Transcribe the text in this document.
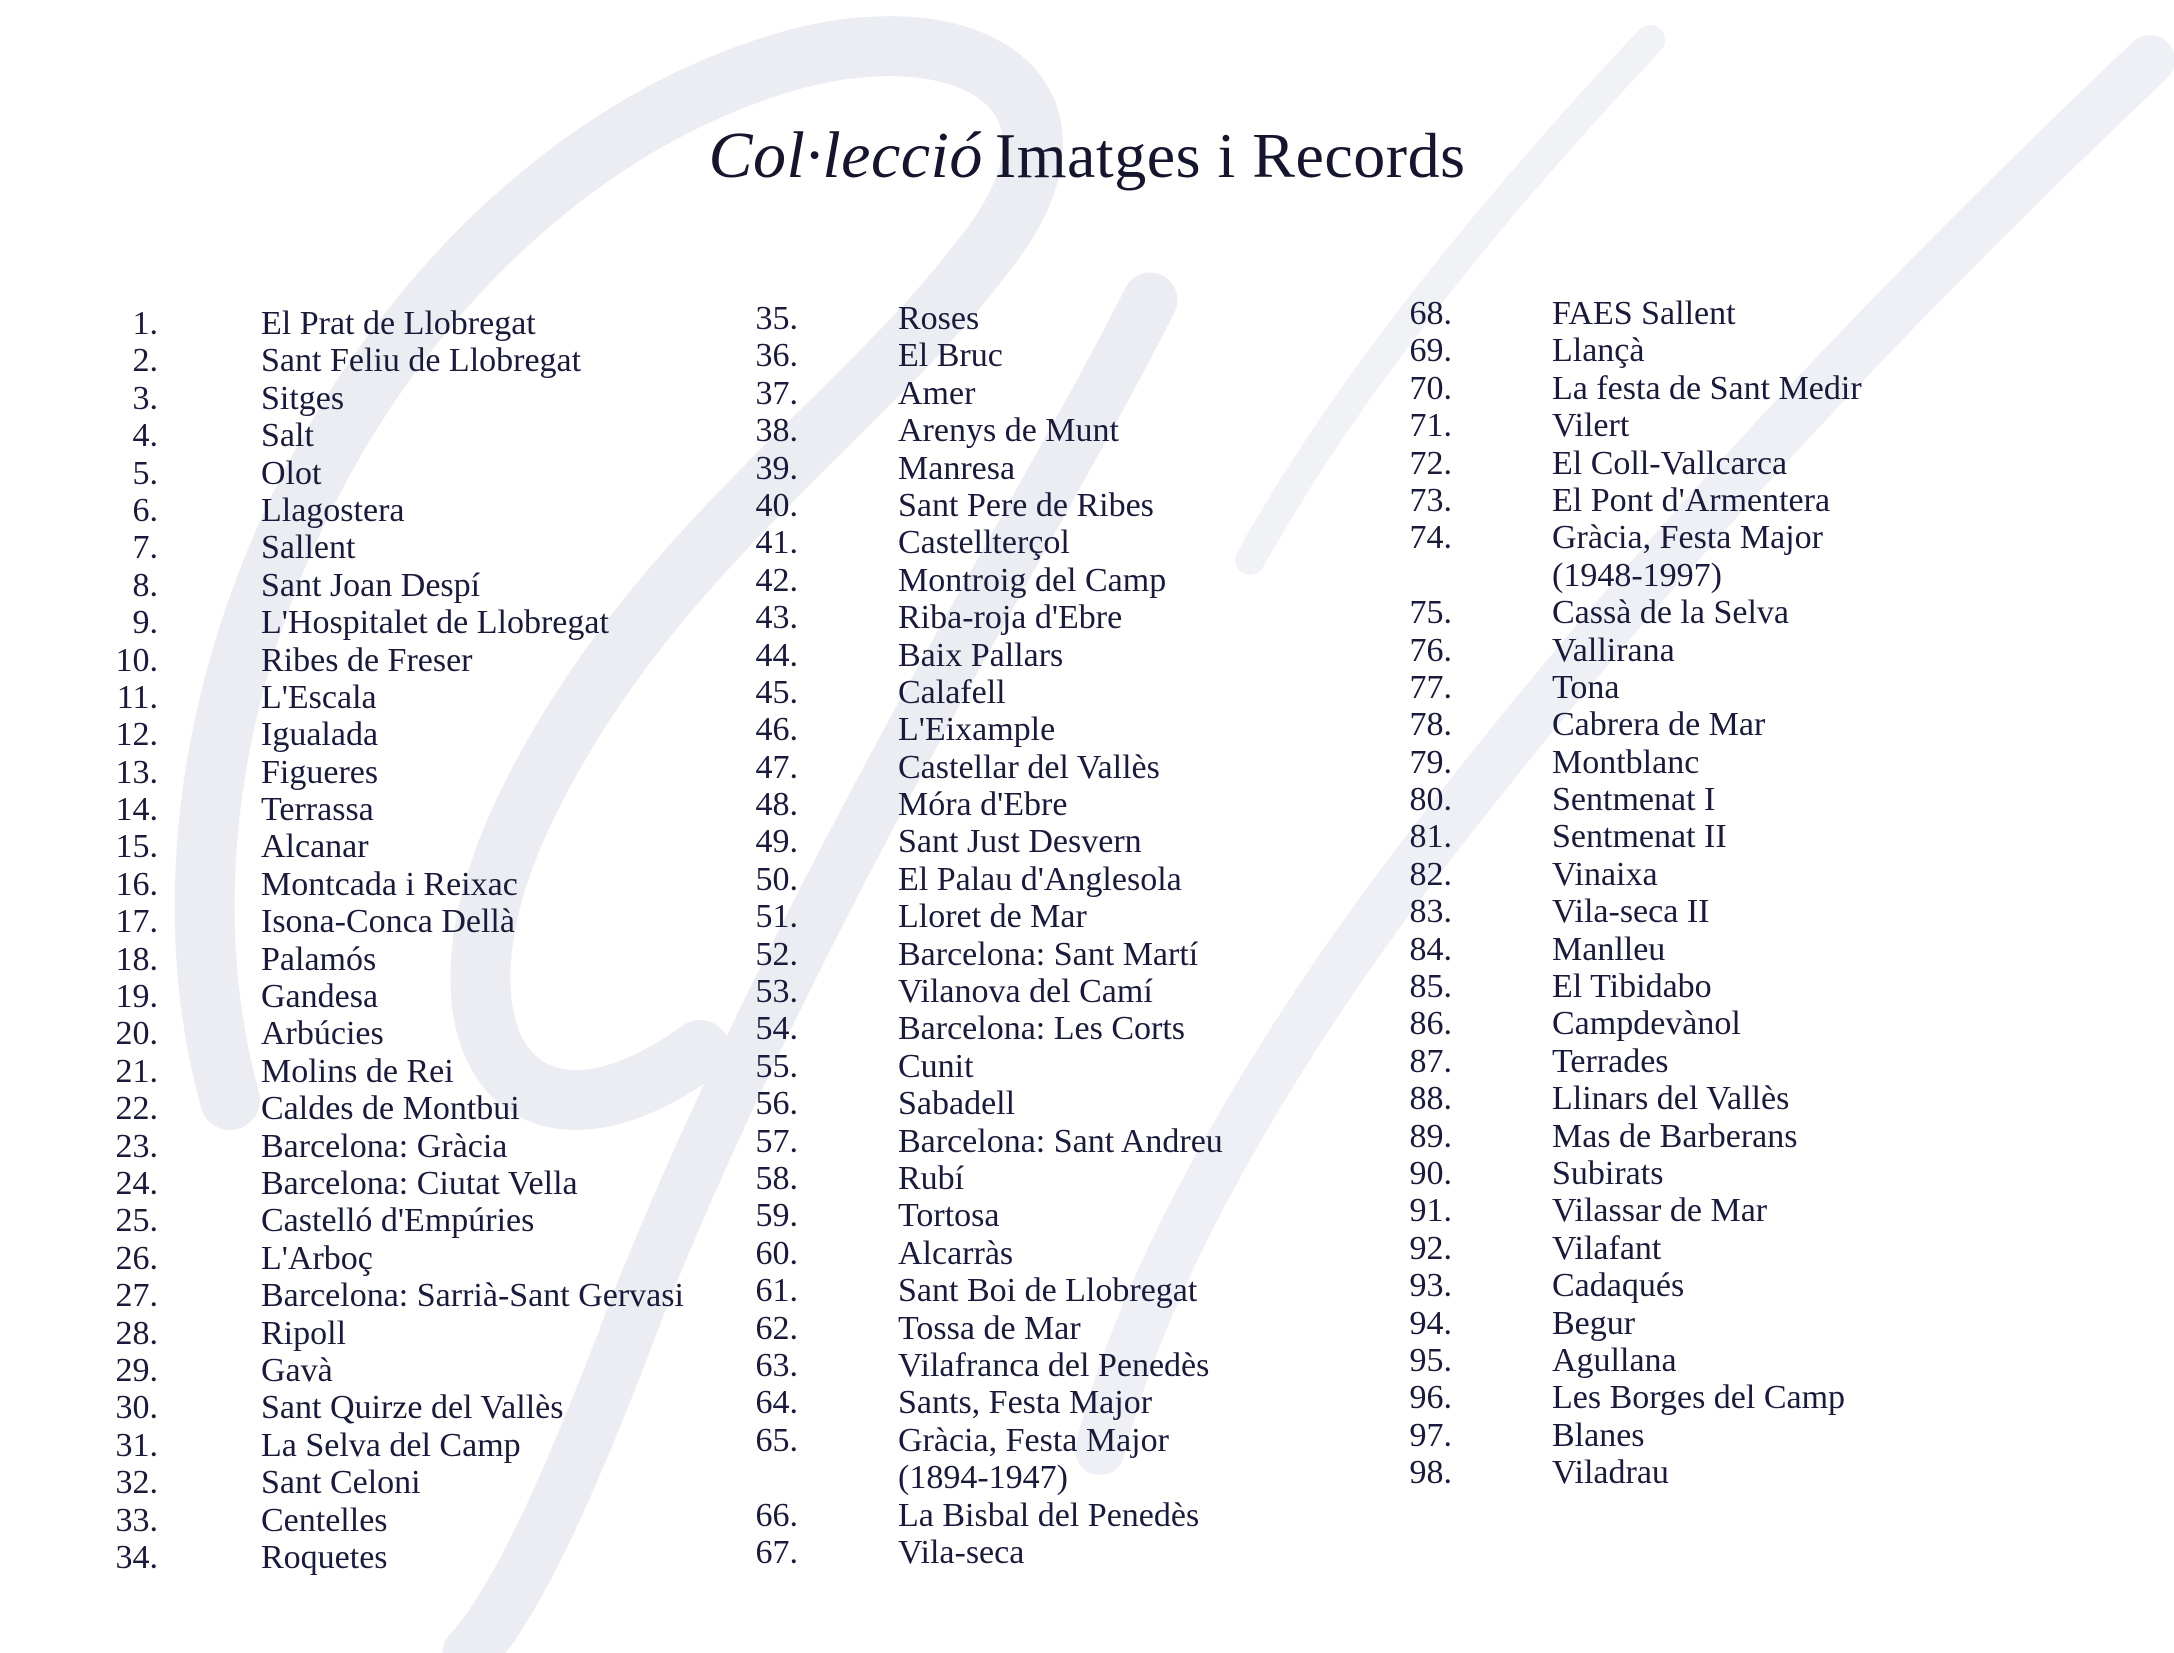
Col·lecció Imatges i Records
1.	El Prat de Llobregat
2.	Sant Feliu de Llobregat
3.	Sitges
4.	Salt
5.	Olot
6.	Llagostera
7.	Sallent
8.	Sant Joan Despí
9.	L'Hospitalet de Llobregat
10.	Ribes de Freser
11.	L'Escala
12.	Igualada
13.	Figueres
14.	Terrassa
15.	Alcanar
16.	Montcada i Reixac
17.	Isona-Conca Dellà
18.	Palamós
19.	Gandesa
20.	Arbúcies
21.	Molins de Rei
22.	Caldes de Montbui
23.	Barcelona: Gràcia
24.	Barcelona: Ciutat Vella
25.	Castelló d'Empúries
26.	L'Arboç
27.	Barcelona: Sarrià-Sant Gervasi
28.	Ripoll
29.	Gavà
30.	Sant Quirze del Vallès
31.	La Selva del Camp
32.	Sant Celoni
33.	Centelles
34.	Roquetes
35.	Roses
36.	El Bruc
37.	Amer
38.	Arenys de Munt
39.	Manresa
40.	Sant Pere de Ribes
41.	Castellterçol
42.	Montroig del Camp
43.	Riba-roja d'Ebre
44.	Baix Pallars
45.	Calafell
46.	L'Eixample
47.	Castellar del Vallès
48.	Móra d'Ebre
49.	Sant Just Desvern
50.	El Palau d'Anglesola
51.	Lloret de Mar
52.	Barcelona: Sant Martí
53.	Vilanova del Camí
54.	Barcelona: Les Corts
55.	Cunit
56.	Sabadell
57.	Barcelona: Sant Andreu
58.	Rubí
59.	Tortosa
60.	Alcarràs
61.	Sant Boi de Llobregat
62.	Tossa de Mar
63.	Vilafranca del Penedès
64.	Sants, Festa Major
65.	Gràcia, Festa Major
(1894-1947)
66.	La Bisbal del Penedès
67.	Vila-seca
68.	FAES Sallent
69.	Llançà
70.	La festa de Sant Medir
71.	Vilert
72.	El Coll-Vallcarca
73.	El Pont d'Armentera
74.	Gràcia, Festa Major
(1948-1997)
75.	Cassà de la Selva
76.	Vallirana
77.	Tona
78.	Cabrera de Mar
79.	Montblanc
80.	Sentmenat I
81.	Sentmenat II
82.	Vinaixa
83.	Vila-seca II
84.	Manlleu
85.	El Tibidabo
86.	Campdevànol
87.	Terrades
88.	Llinars del Vallès
89.	Mas de Barberans
90.	Subirats
91.	Vilassar de Mar
92.	Vilafant
93.	Cadaqués
94.	Begur
95.	Agullana
96.	Les Borges del Camp
97.	Blanes
98.	Viladrau
